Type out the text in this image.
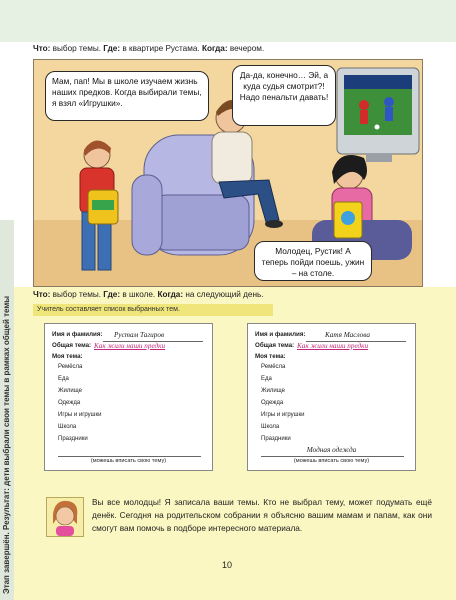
Что: выбор темы. Где: в квартире Рустама. Когда: вечером.
Мам, пап! Мы в школе изучаем жизнь наших предков. Когда выбирали темы, я взял «Игрушки».
Да-да, конечно… Эй, а куда судья смотрит?! Надо пенальти давать!
Молодец, Рустик! А теперь пойди поешь, ужин – на столе.
Этап завершён. Результат: дети выбрали свои темы в рамках общей темы
Что: выбор темы. Где: в школе. Когда: на следующий день.
Учитель составляет список выбранных тем.
Имя и фамилия: Рустам Тагиров
Общая тема: Как жили наши предки
Моя тема:
Ремёсла
Еда
Жилище
Одежда
Игры и игрушки
Школа
Праздники
(можешь вписать свою тему)
Имя и фамилия:	Катя Маслова
Общая тема: Как жили наши предки
Моя тема:
Ремёсла
Еда
Жилище
Одежда
Игры и игрушки
Школа
Праздники
Модная одежда
(можешь вписать свою тему)
Вы все молодцы! Я записала ваши темы. Кто не выбрал тему, может подумать ещё денёк. Сегодня на родительском собрании я объясню вашим мамам и папам, как они смогут вам помочь в подборе интересного материала.
10
